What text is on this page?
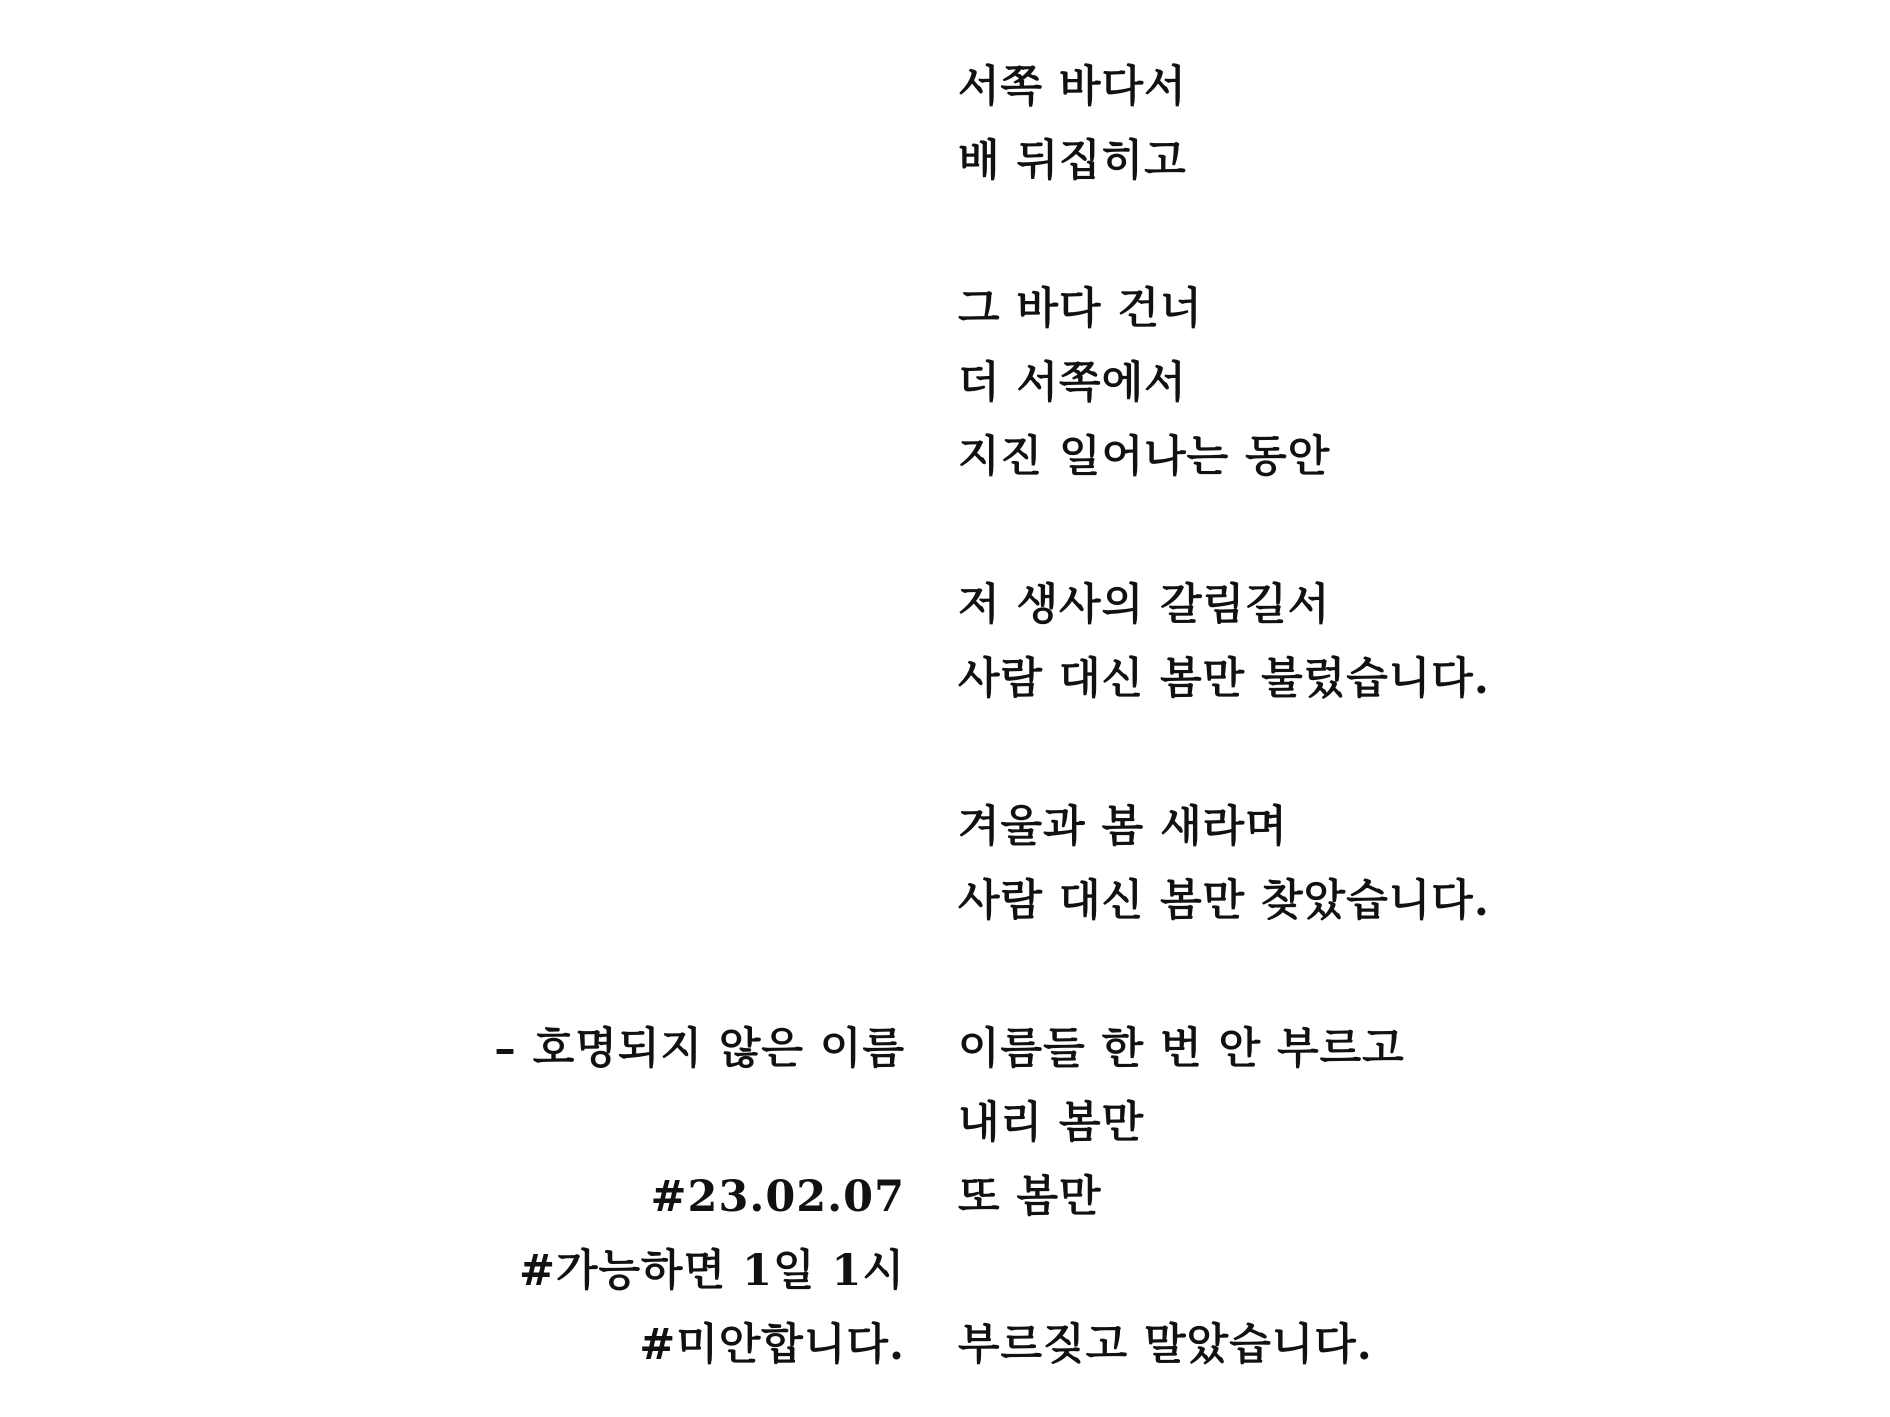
서쪽 바다서
배 뒤집히고
그 바다 건너
더 서쪽에서
지진 일어나는 동안
저 생사의 갈림길서
사람 대신 봄만 불렀습니다.
겨울과 봄 새라며
사람 대신 봄만 찾았습니다.
이름들 한 번 안 부르고
내리 봄만
또 봄만
부르짖고 말았습니다.
– 호명되지 않은 이름
#23.02.07
#가능하면 1일 1시
#미안합니다.
